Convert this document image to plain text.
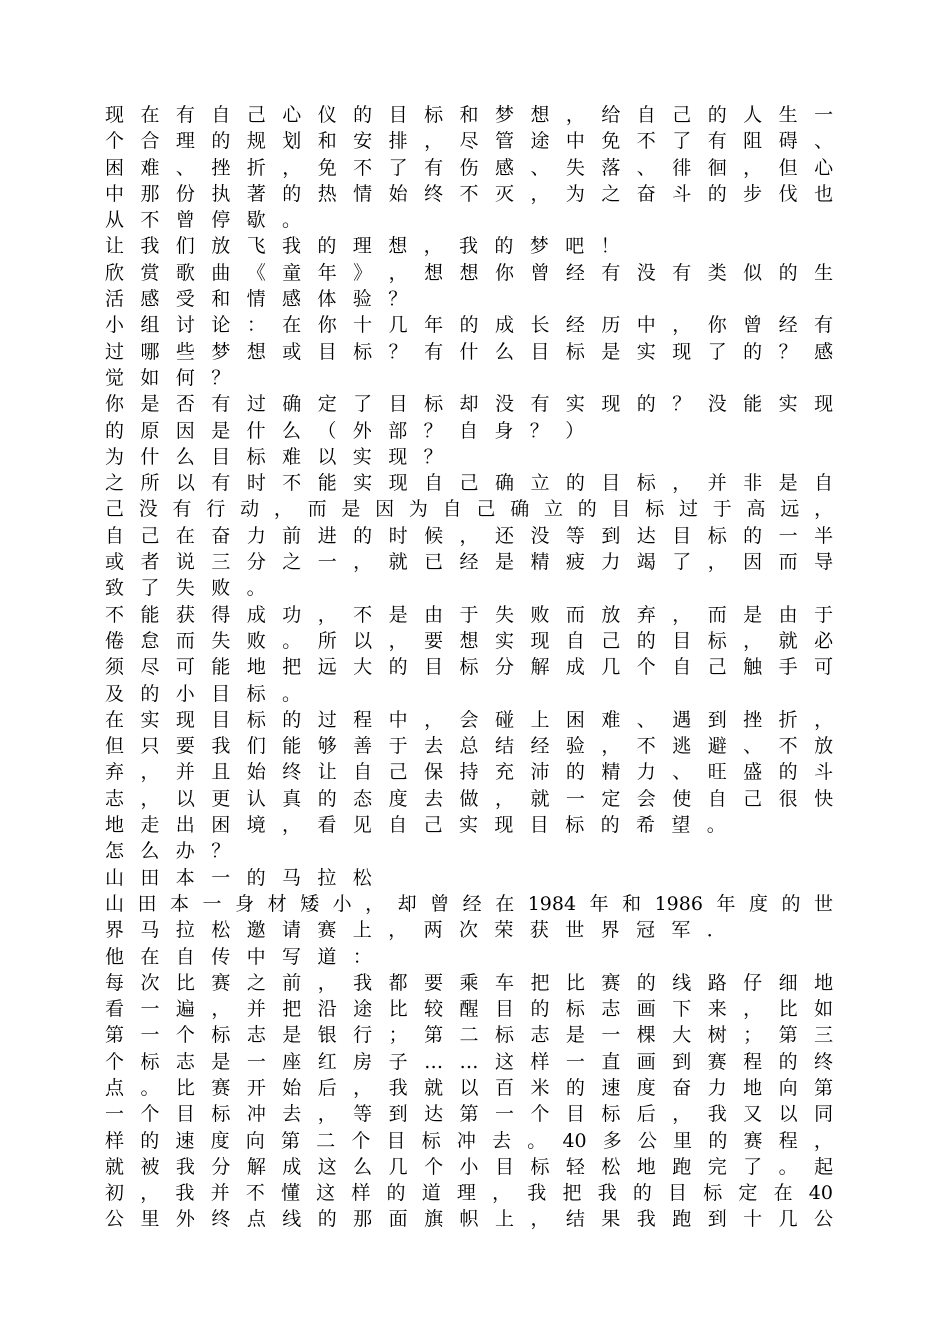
现 在 有 自 己 心 仪 的 目 标 和 梦 想 ， 给 自 己 的 人 生 一
个 合 理 的 规 划 和 安 排 ， 尽 管 途 中 免 不 了 有 阻 碍 、
困 难 、 挫 折 ， 免 不 了 有 伤 感 、 失 落 、 徘 徊 ， 但 心
中 那 份 执 著 的 热 情 始 终 不 灭 ， 为 之 奋 斗 的 步 伐 也
从不曾停歇。
让我们放飞我的理想，我的梦吧！
欣 赏 歌 曲 《 童 年 》 ， 想 想 你 曾 经 有 没 有 类 似 的 生
活感受和情感体验？
小 组 讨 论 ： 在 你 十 几 年 的 成 长 经 历 中 ， 你 曾 经 有
过 哪 些 梦 想 或 目 标 ？ 有 什 么 目 标 是 实 现 了 的 ？ 感
觉如何？
你 是 否 有 过 确 定 了 目 标 却 没 有 实 现 的 ？ 没 能 实 现
的原因是什么（外部？自身？）
为什么目标难以实现？
之 所 以 有 时 不 能 实 现 自 己 确 立 的 目 标 ， 并 非 是 自
己 没 有 行 动 ， 而 是 因 为 自 己 确 立 的 目 标 过 于 高 远 ，
自 己 在 奋 力 前 进 的 时 候 ， 还 没 等 到 达 目 标 的 一 半
或 者 说 三 分 之 一 ， 就 已 经 是 精 疲 力 竭 了 ， 因 而 导
致了失败。
不 能 获 得 成 功 ， 不 是 由 于 失 败 而 放 弃 ， 而 是 由 于
倦 怠 而 失 败 。 所 以 ， 要 想 实 现 自 己 的 目 标 ， 就 必
须 尽 可 能 地 把 远 大 的 目 标 分 解 成 几 个 自 己 触 手 可
及的小目标。
在 实 现 目 标 的 过 程 中 ， 会 碰 上 困 难 、 遇 到 挫 折 ，
但 只 要 我 们 能 够 善 于 去 总 结 经 验 ， 不 逃 避 、 不 放
弃 ， 并 且 始 终 让 自 己 保 持 充 沛 的 精 力 、 旺 盛 的 斗
志 ， 以 更 认 真 的 态 度 去 做 ， 就 一 定 会 使 自 己 很 快
地走出困境，看见自己实现目标的希望。
怎么办？
山田本一的马拉松
山 田 本 一 身 材 矮 小 ， 却 曾 经 在 1984 年 和 1986 年 度 的 世
界马拉松邀请赛上，两次荣获世界冠军．
他在自传中写道：
每 次 比 赛 之 前 ， 我 都 要 乘 车 把 比 赛 的 线 路 仔 细 地
看 一 遍 ， 并 把 沿 途 比 较 醒 目 的 标 志 画 下 来 ， 比 如
第 一 个 标 志 是 银 行 ； 第 二 标 志 是 一 棵 大 树 ； 第 三
个 标 志 是 一 座 红 房 子 … … 这 样 一 直 画 到 赛 程 的 终
点 。 比 赛 开 始 后 ， 我 就 以 百 米 的 速 度 奋 力 地 向 第
一 个 目 标 冲 去 ， 等 到 达 第 一 个 目 标 后 ， 我 又 以 同
样 的 速 度 向 第 二 个 目 标 冲 去 。 40 多 公 里 的 赛 程 ，
就 被 我 分 解 成 这 么 几 个 小 目 标 轻 松 地 跑 完 了 。 起
初 ， 我 并 不 懂 这 样 的 道 理 ， 我 把 我 的 目 标 定 在 40
公 里 外 终 点 线 的 那 面 旗 帜 上 ， 结 果 我 跑 到 十 几 公
